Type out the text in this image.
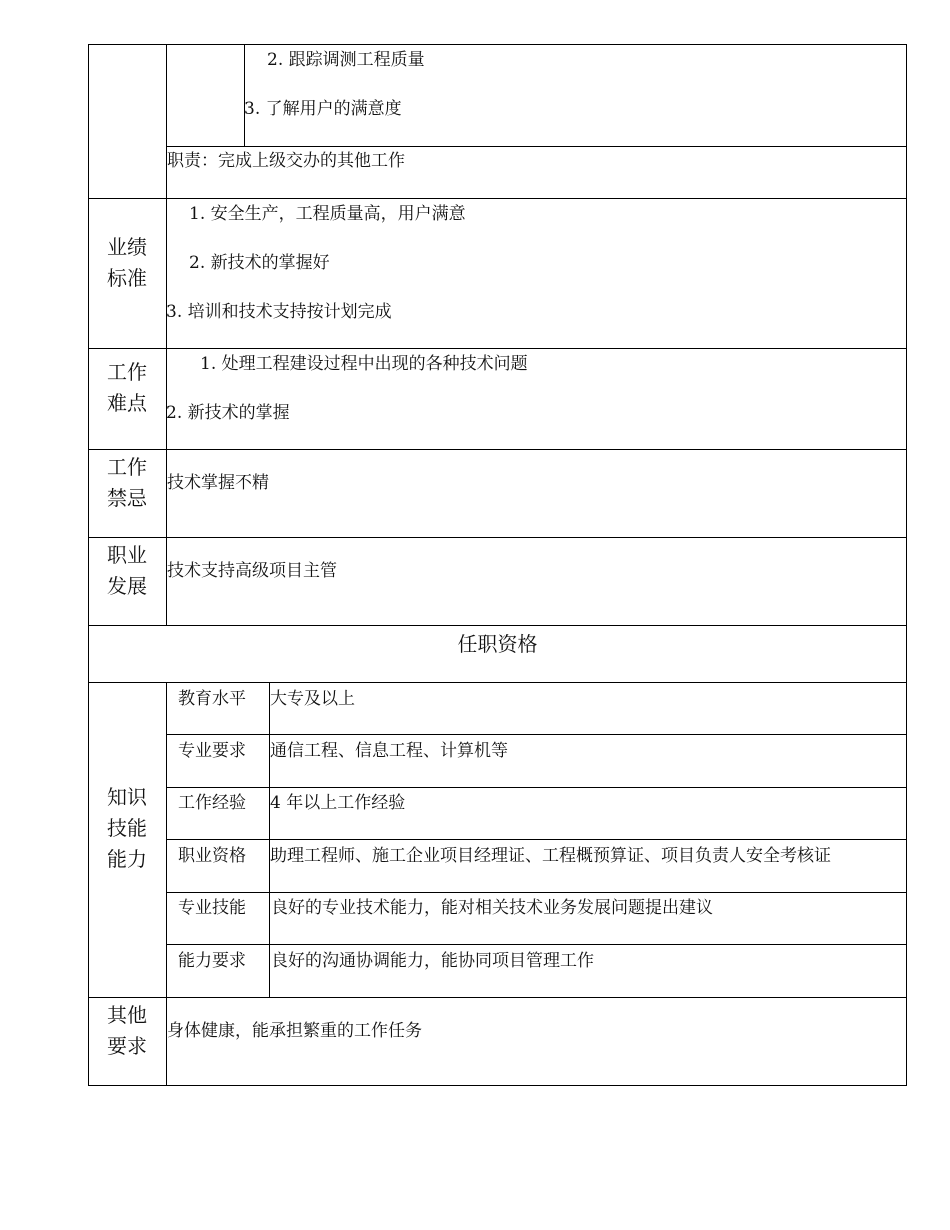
2. 跟踪调测工程质量
3. 了解用户的满意度
职责：完成上级交办的其他工作
业绩
标准
1. 安全生产，工程质量高，用户满意
2. 新技术的掌握好
3. 培训和技术支持按计划完成
工作
难点
1. 处理工程建设过程中出现的各种技术问题
2. 新技术的掌握
工作
禁忌
技术掌握不精
职业
发展
技术支持高级项目主管
任职资格
知识
技能
能力
教育水平 大专及以上
专业要求 通信工程、信息工程、计算机等
工作经验 4 年以上工作经验
职业资格 助理工程师、施工企业项目经理证、工程概预算证、项目负责人安全考核证
专业技能 良好的专业技术能力，能对相关技术业务发展问题提出建议
能力要求 良好的沟通协调能力，能协同项目管理工作
其他
要求
身体健康，能承担繁重的工作任务
